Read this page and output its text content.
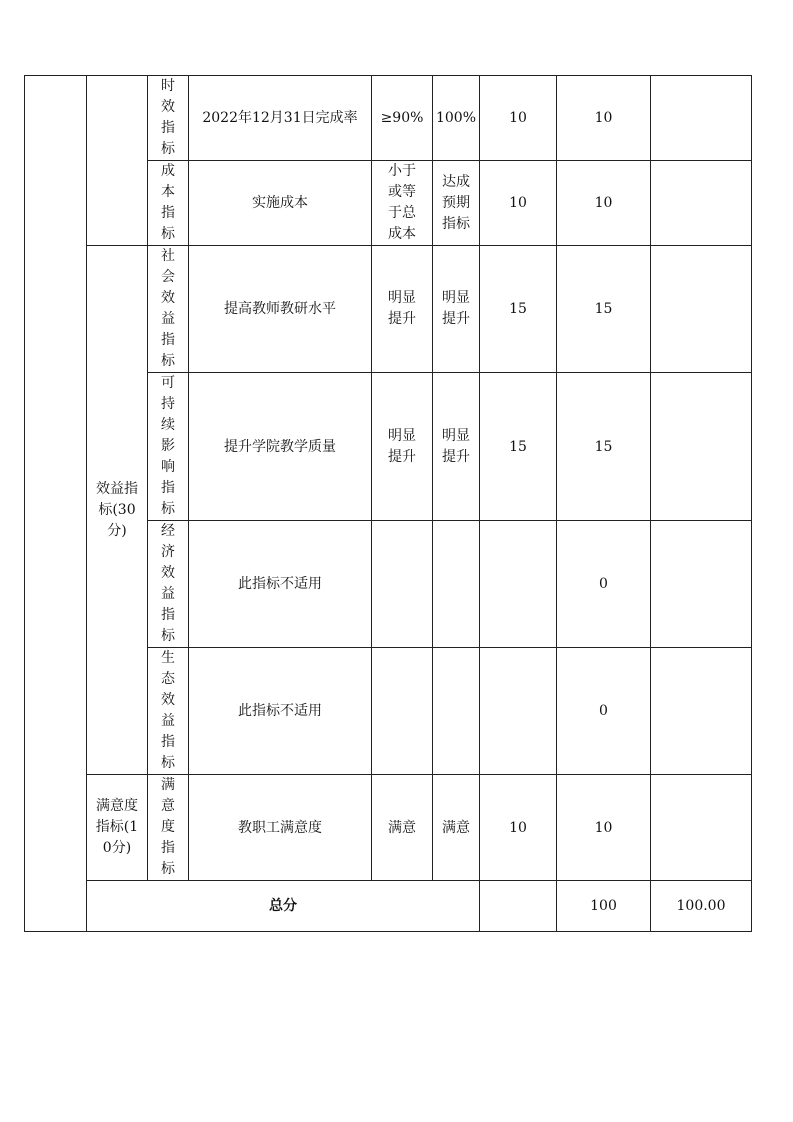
		时效指标	2022年12月31日完成率	≥90%	100%	10	10		

		成本指标	实施成本	小于或等于总成本	达成预期指标	10	10		

	效益指标(30分)	社会效益指标	提高教师教研水平	明显提升	明显提升	15	15		

		可持续影响指标	提升学院教学质量	明显提升	明显提升	15	15		

		经济效益指标	此指标不适用				0		

		生态效益指标	此指标不适用				0		

	满意度指标(10分)	满意度指标	教职工满意度	满意	满意	10	10		
	总分						100	100.00	
